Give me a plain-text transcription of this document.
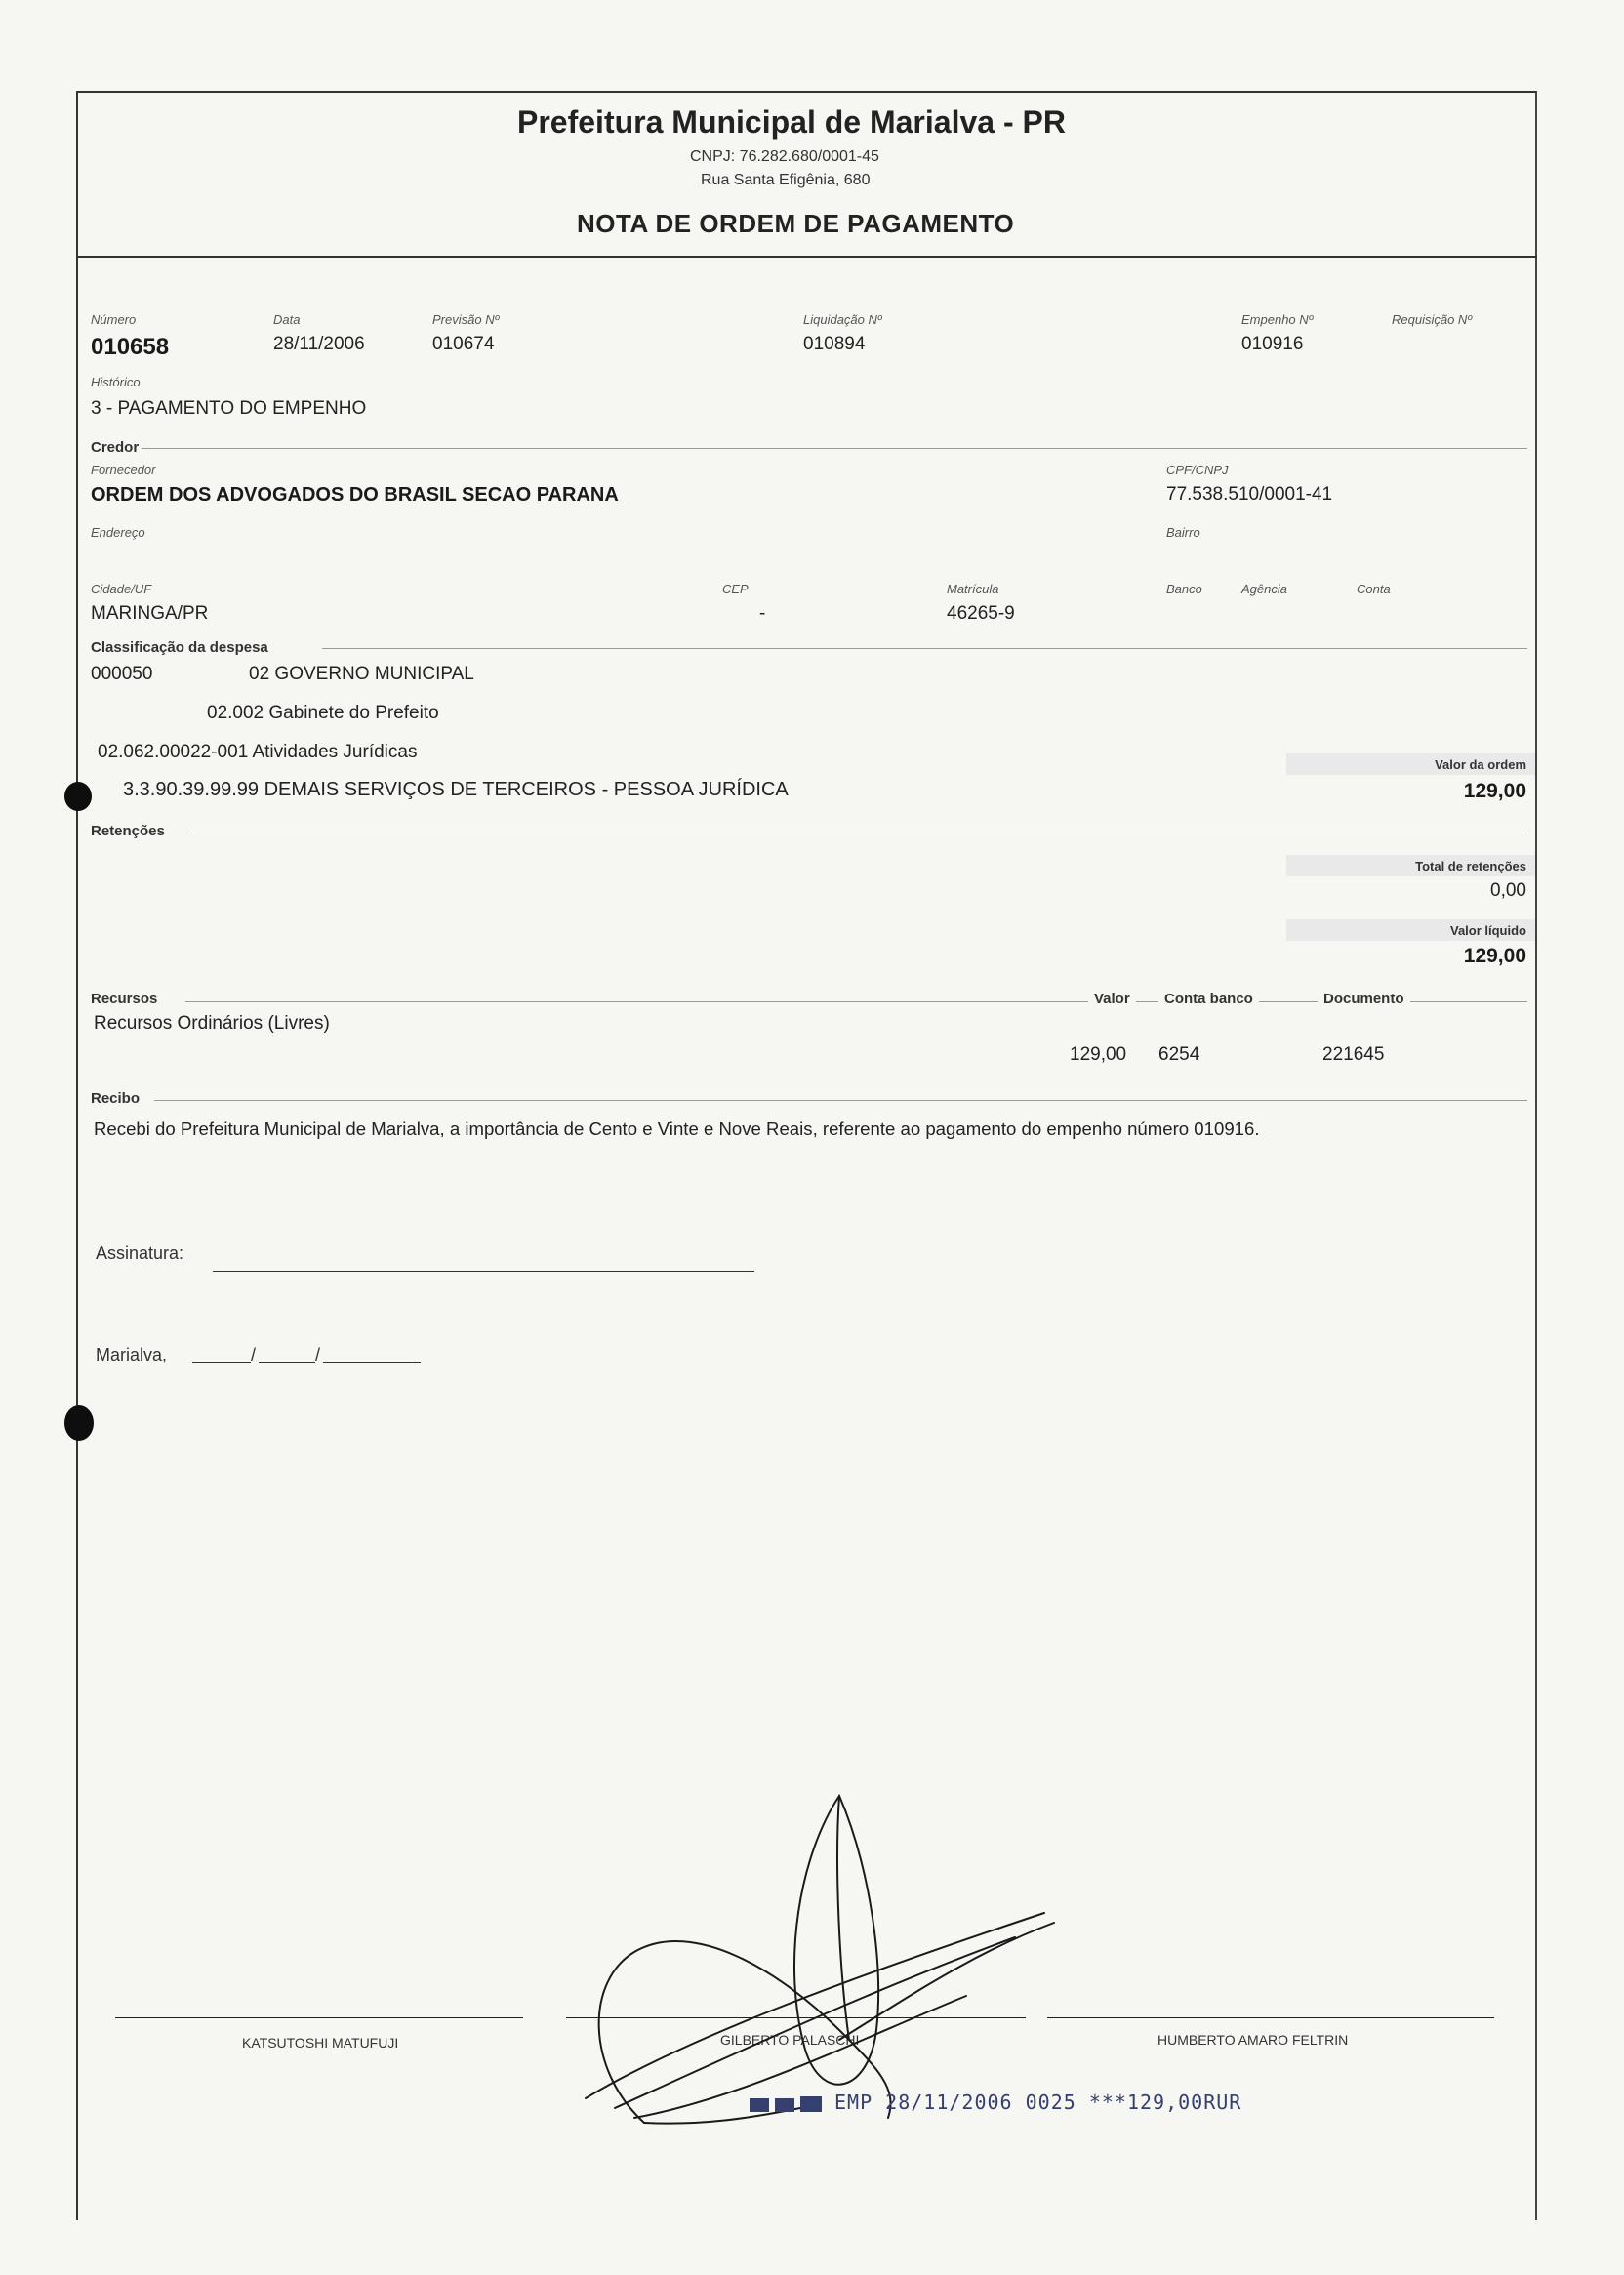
Prefeitura Municipal de Marialva - PR
CNPJ: 76.282.680/0001-45
Rua Santa Efigênia, 680
NOTA DE ORDEM DE PAGAMENTO
Número
010658
Data
28/11/2006
Previsão Nº
010674
Liquidação Nº
010894
Empenho Nº
010916
Requisição Nº
Histórico
3 - PAGAMENTO DO EMPENHO
Credor
Fornecedor
ORDEM DOS ADVOGADOS DO BRASIL SECAO PARANA
CPF/CNPJ
77.538.510/0001-41
Endereço	Bairro
Cidade/UF
MARINGA/PR
CEP
-
Matrícula
46265-9
Banco	Agência	Conta
Classificação da despesa
000050	02 GOVERNO MUNICIPAL
02.002 Gabinete do Prefeito
02.062.00022-001 Atividades Jurídicas
3.3.90.39.99.99 DEMAIS SERVIÇOS DE TERCEIROS - PESSOA JURÍDICA
Valor da ordem
129,00
Retenções
Total de retenções
0,00
Valor líquido
129,00
Recursos	Valor	Conta banco	Documento
Recursos Ordinários (Livres)
129,00 6254	221645
Recibo
Recebi do Prefeitura Municipal de Marialva, a importância de Cento e Vinte e Nove Reais, referente ao pagamento do empenho número 010916.
Assinatura:
Marialva,	/	/
KATSUTOSHI MATUFUJI	GILBERTO PALASCHI	HUMBERTO AMARO FELTRIN
EMP 28/11/2006 0025 ***129,00RUR
